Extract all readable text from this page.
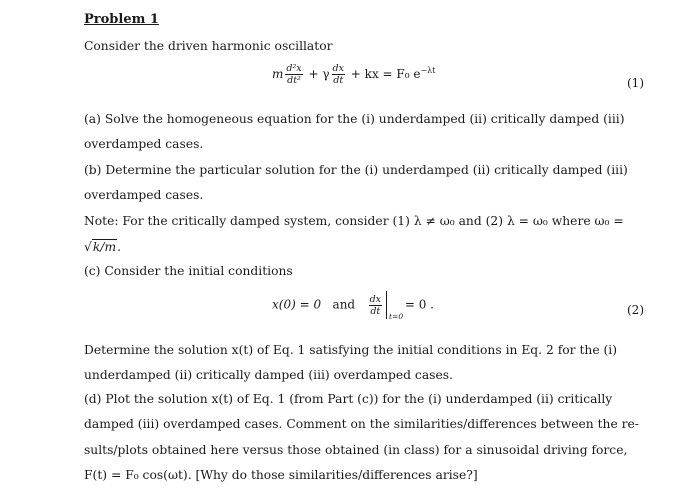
Problem 1
Consider the driven harmonic oscillator
m $\frac{\text{d²x}}{\text{dt²}} + \gamma \frac{dx}{dt}$ + kx = F₀ $e^{-\lambda t}$
(1)
(a) Solve the homogeneous equation for the (i) underdamped (ii) critically damped (iii)
overdamped cases.
(b) Determine the particular solution for the (i) underdamped (ii) critically damped (iii)
overdamped cases.
Note: For the critically damped system, consider (1) λ ≠ ω₀ and (2) λ = ω₀ where ω₀ =
√k/m.
(c) Consider the initial conditions
x(0) = 0 and $\frac{dx}{dt} t=0$
= 0 .	(2)
Determine the solution x(t) of Eq. 1 satisfying the initial conditions in Eq. 2 for the (i)
underdamped (ii) critically damped (iii) overdamped cases.
(d) Plot the solution x(t) of Eq. 1 (from Part (c)) for the (i) underdamped (ii) critically
damped (iii) overdamped cases. Comment on the similarities/differences between the re-
sults/plots obtained here versus those obtained (in class) for a sinusoidal driving force,
F(t) = F₀ cos(ωt). [Why do those similarities/differences arise?]
